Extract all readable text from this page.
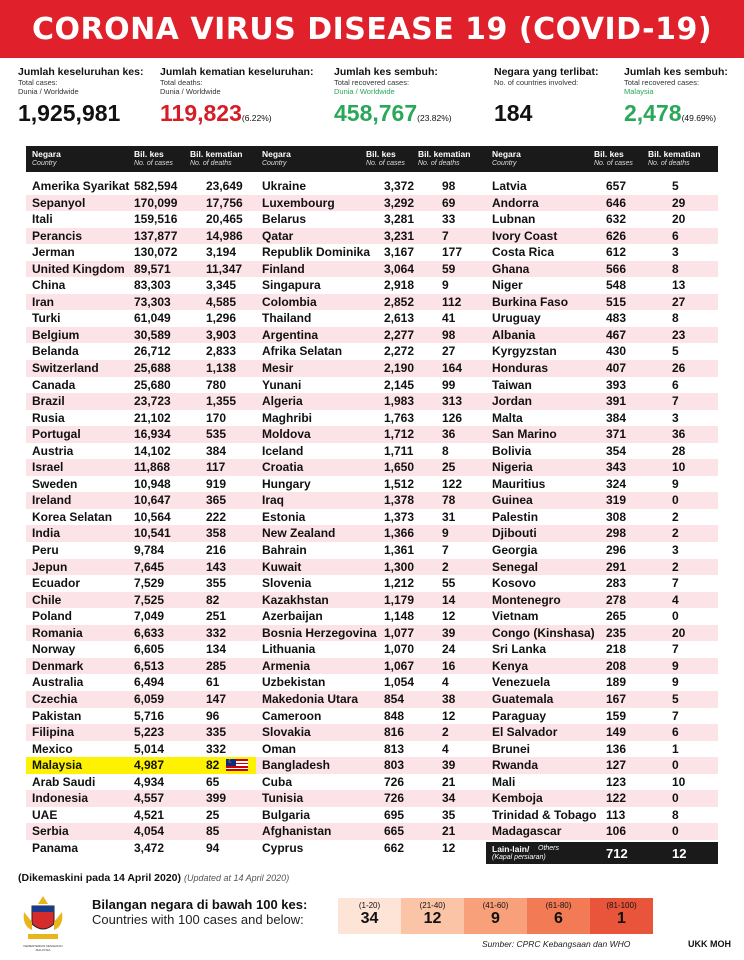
CORONA VIRUS DISEASE 19 (COVID-19)
Jumlah keseluruhan kes:
Total cases:
Dunia / Worldwide
1,925,981
Jumlah kematian keseluruhan:
Total deaths:
Dunia / Worldwide
119,823(6.22%)
Jumlah kes sembuh:
Total recovered cases:
Dunia / Worldwide
458,767(23.82%)
Negara yang terlibat:
No. of countries involved:
184
Jumlah kes sembuh:
Total recovered cases:
Malaysia
2,478(49.69%)
Negara
Country
Bil. kes
No. of cases
Bil. kematian
No. of deaths
Amerika Syarikat 582,594 23,649
Sepanyol	170,099 17,756
Itali	159,516 20,465
Perancis	137,877 14,986
Jerman	130,072 3,194
United Kingdom 89,571	11,347
China	83,303	3,345
Iran	73,303	4,585
Turki	61,049	1,296
Belgium	30,589	3,903
Belanda	26,712	2,833
Switzerland	25,688	1,138
Canada	25,680	780
Brazil	23,723	1,355
Rusia	21,102	170
Portugal	16,934	535
Austria	14,102	384
Israel	11,868	117
Sweden	10,948	919
Ireland	10,647	365
Korea Selatan 10,564	222
India	10,541	358
Peru	9,784	216
Jepun	7,645	143
Ecuador	7,529	355
Chile	7,525	82
Poland	7,049	251
Romania	6,633	332
Norway	6,605	134
Denmark	6,513	285
Australia	6,494	61
Czechia	6,059	147
Pakistan	5,716	96
Filipina	5,223	335
Mexico	5,014	332
Malaysia	4,987	82	☾
Arab Saudi	4,934	65
Indonesia	4,557	399
UAE	4,521	25
Serbia	4,054	85
Panama	3,472	94
Negara
Country
Bil. kes
No. of cases
Bil. kematian
No. of deaths
Ukraine	3,372 98
Luxembourg	3,292 69
Belarus	3,281 33
Qatar	3,231 7
Republik Dominika 3,167 177
Finland	3,064 59
Singapura	2,918 9
Colombia	2,852 112
Thailand	2,613 41
Argentina	2,277 98
Afrika Selatan	2,272 27
Mesir	2,190 164
Yunani	2,145 99
Algeria	1,983 313
Maghribi	1,763 126
Moldova	1,712 36
Iceland	1,711 8
Croatia	1,650 25
Hungary	1,512 122
Iraq	1,378 78
Estonia	1,373 31
New Zealand	1,366 9
Bahrain	1,361 7
Kuwait	1,300 2
Slovenia	1,212 55
Kazakhstan	1,179 14
Azerbaijan	1,148 12
Bosnia Herzegovina 1,077 39
Lithuania	1,070 24
Armenia	1,067 16
Uzbekistan	1,054 4
Makedonia Utara 854	38
Cameroon	848	12
Slovakia	816	2
Oman	813	4
Bangladesh	803	39
Cuba	726	21
Tunisia	726	34
Bulgaria	695	35
Afghanistan	665	21
Cyprus	662	12
Negara
Country
Bil. kes
No. of cases
Bil. kematian
No. of deaths
Latvia	657	5
Andorra	646	29
Lubnan	632	20
Ivory Coast	626	6
Costa Rica	612	3
Ghana	566	8
Niger	548	13
Burkina Faso	515	27
Uruguay	483	8
Albania	467	23
Kyrgyzstan	430	5
Honduras	407	26
Taiwan	393	6
Jordan	391	7
Malta	384	3
San Marino	371	36
Bolivia	354	28
Nigeria	343	10
Mauritius	324	9
Guinea	319	0
Palestin	308	2
Djibouti	298	2
Georgia	296	3
Senegal	291	2
Kosovo	283	7
Montenegro	278	4
Vietnam	265	0
Congo (Kinshasa) 235	20
Sri Lanka	218	7
Kenya	208	9
Venezuela	189	9
Guatemala	167	5
Paraguay	159	7
El Salvador	149	6
Brunei	136	1
Rwanda	127	0
Mali	123	10
Kemboja	122	0
Trinidad & Tobago 113	8
Madagascar	106	0
Lain-lain/ Others
(Kapal persiaran)	712	12
(Dikemaskini pada 14 April 2020) (Updated at 14 April 2020)
KEMENTERIAN KESIHATAN MALAYSIA
Bilangan negara di bawah 100 kes:
Countries with 100 cases and below:
(1-20)
34
(21-40)
12
(41-60)
9
(61-80)
6
(81-100)
1
Sumber: CPRC Kebangsaan dan WHO	UKK MOH
